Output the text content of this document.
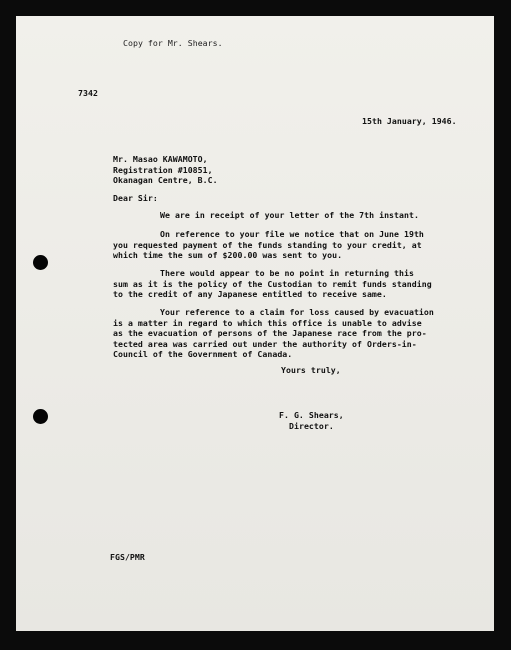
Copy for Mr. Shears.
7342
15th January, 1946.
Mr. Masao KAWAMOTO,
Registration #10851,
Okanagan Centre, B.C.
Dear Sir:
We are in receipt of your letter of the 7th instant.
On reference to your file we notice that on June 19th
you requested payment of the funds standing to your credit, at
which time the sum of $200.00 was sent to you.
There would appear to be no point in returning this
sum as it is the policy of the Custodian to remit funds standing
to the credit of any Japanese entitled to receive same.
Your reference to a claim for loss caused by evacuation
is a matter in regard to which this office is unable to advise
as the evacuation of persons of the Japanese race from the pro-
tected area was carried out under the authority of Orders-in-
Council of the Government of Canada.
Yours truly,
F. G. Shears,
Director.
FGS/PMR
